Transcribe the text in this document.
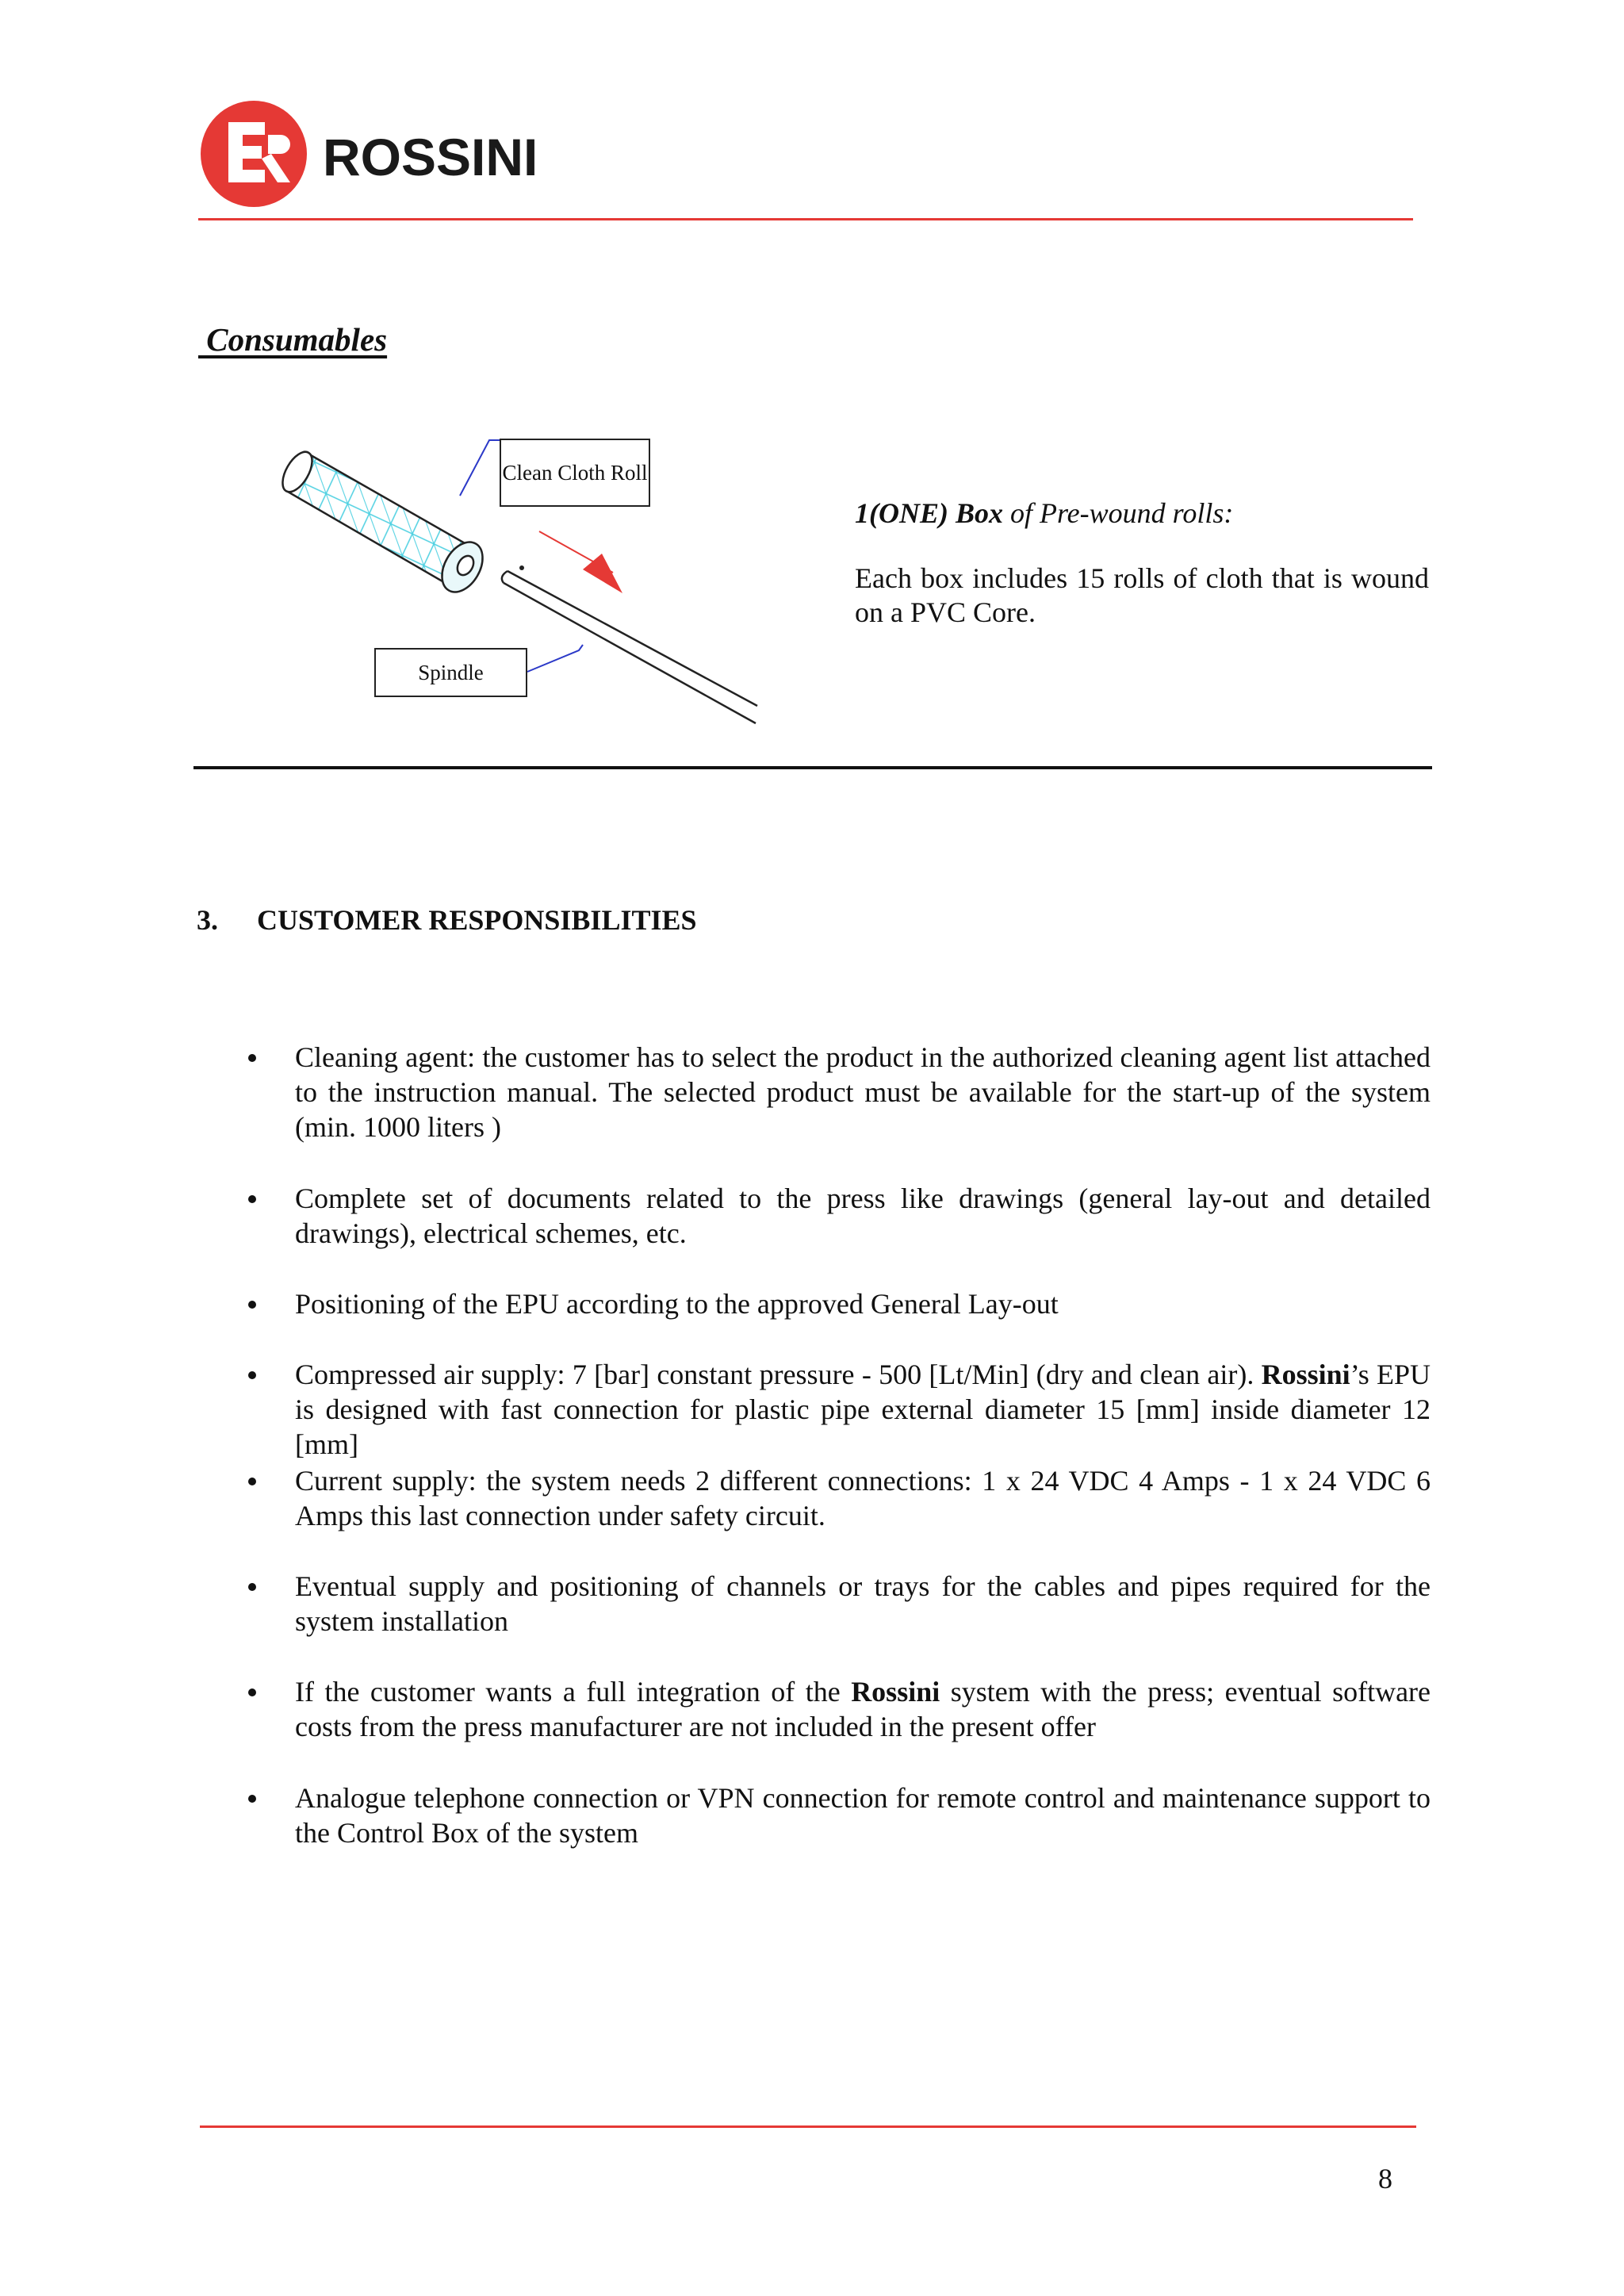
ROSSINI
Consumables
Clean Cloth Roll
Spindle
1(ONE) Box of Pre-wound rolls:
Each box includes 15 rolls of cloth that is wound on a PVC Core.
3. CUSTOMER RESPONSIBILITIES
Cleaning agent: the customer has to select the product in the authorized cleaning agent list attached to the instruction manual. The selected product must be available for the start-up of the system (min. 1000 liters )
Complete set of documents related to the press like drawings (general lay-out and detailed drawings), electrical schemes, etc.
Positioning of the EPU according to the approved General Lay-out
Compressed air supply: 7 [bar] constant pressure - 500 [Lt/Min] (dry and clean air). Rossini’s EPU is designed with fast connection for plastic pipe external diameter 15 [mm] inside diameter 12 [mm]
Current supply: the system needs 2 different connections: 1 x 24 VDC 4 Amps - 1 x 24 VDC 6 Amps this last connection under safety circuit.
Eventual supply and positioning of channels or trays for the cables and pipes required for the system installation
If the customer wants a full integration of the Rossini system with the press; eventual software costs from the press manufacturer are not included in the present offer
Analogue telephone connection or VPN connection for remote control and maintenance support to the Control Box of the system
8
